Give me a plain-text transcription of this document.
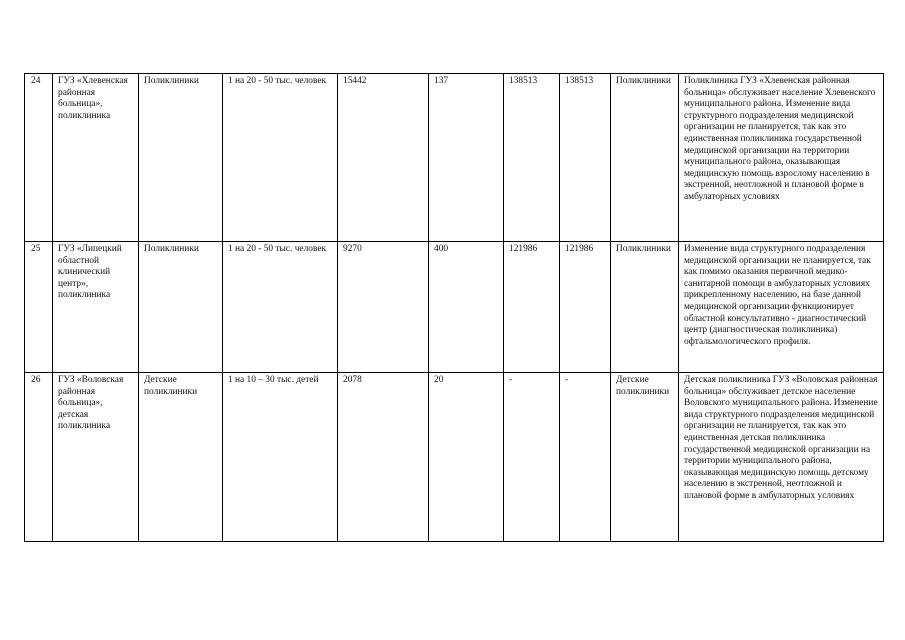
24	ГУЗ «Хлевенская районная больница», поликлиника	Поликлиники	1 на 20 - 50 тыс. человек	15442	137	138513	138513	Поликлиники	Поликлиника ГУЗ «Хлевенская районная больница» обслуживает население Хлевенского муниципального района. Изменение вида структурного подразделения медицинской организации не планируется, так как это единственная поликлиника государственной медицинской организации на территории муниципального района, оказывающая медицинскую помощь взрослому населению в экстренной, неотложной и плановой форме в амбулаторных условиях
25	ГУЗ «Липецкий областной клинический центр», поликлиника	Поликлиники	1 на 20 - 50 тыс. человек	9270	400	121986	121986	Поликлиники	Изменение вида структурного подразделения медицинской организации не планируется, так как помимо оказания первичной медико-санитарной помощи в амбулаторных условиях прикрепленному населению, на базе данной медицинской организации функционирует областной консультативно - диагностический центр (диагностическая поликлиника) офтальмологического профиля.
26	ГУЗ «Воловская районная больница», детская поликлиника	Детские поликлиники	1 на 10 – 30 тыс. детей	2078	20	-	-	Детские поликлиники	Детская поликлиника ГУЗ «Воловская районная больница» обслуживает детское население Воловского муниципального района. Изменение вида структурного подразделения медицинской организации не планируется, так как это единственная детская поликлиника государственной медицинской организации на территории муниципального района, оказывающая медицинскую помощь детскому населению в экстренной, неотложной и плановой форме в амбулаторных условиях
